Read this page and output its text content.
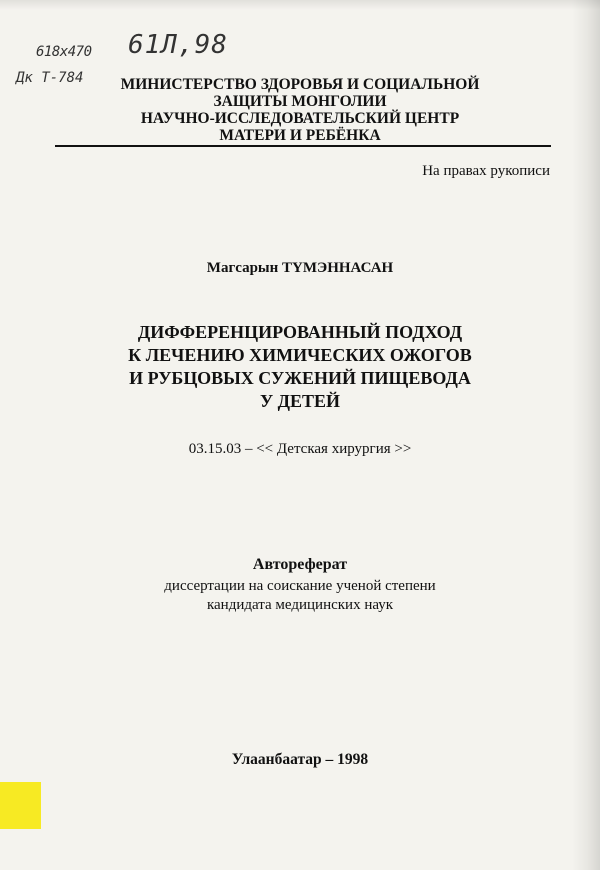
618x470 61Л,98
Дк Т-784	МИНИСТЕРСТВО ЗДОРОВЬЯ И СОЦИАЛЬНОЙ
ЗАЩИТЫ МОНГОЛИИ
НАУЧНО-ИССЛЕДОВАТЕЛЬСКИЙ ЦЕНТР
МАТЕРИ И РЕБЁНКА
На правах рукописи
Магсарын ТҮМЭННАСАН
ДИФФЕРЕНЦИРОВАННЫЙ ПОДХОД
К ЛЕЧЕНИЮ ХИМИЧЕСКИХ ОЖОГОВ
И РУБЦОВЫХ СУЖЕНИЙ ПИЩЕВОДА
У ДЕТЕЙ
03.15.03 – << Детская хирургия >>
Автореферат
диссертации на соискание ученой степени
кандидата медицинских наук
Улаанбаатар – 1998
